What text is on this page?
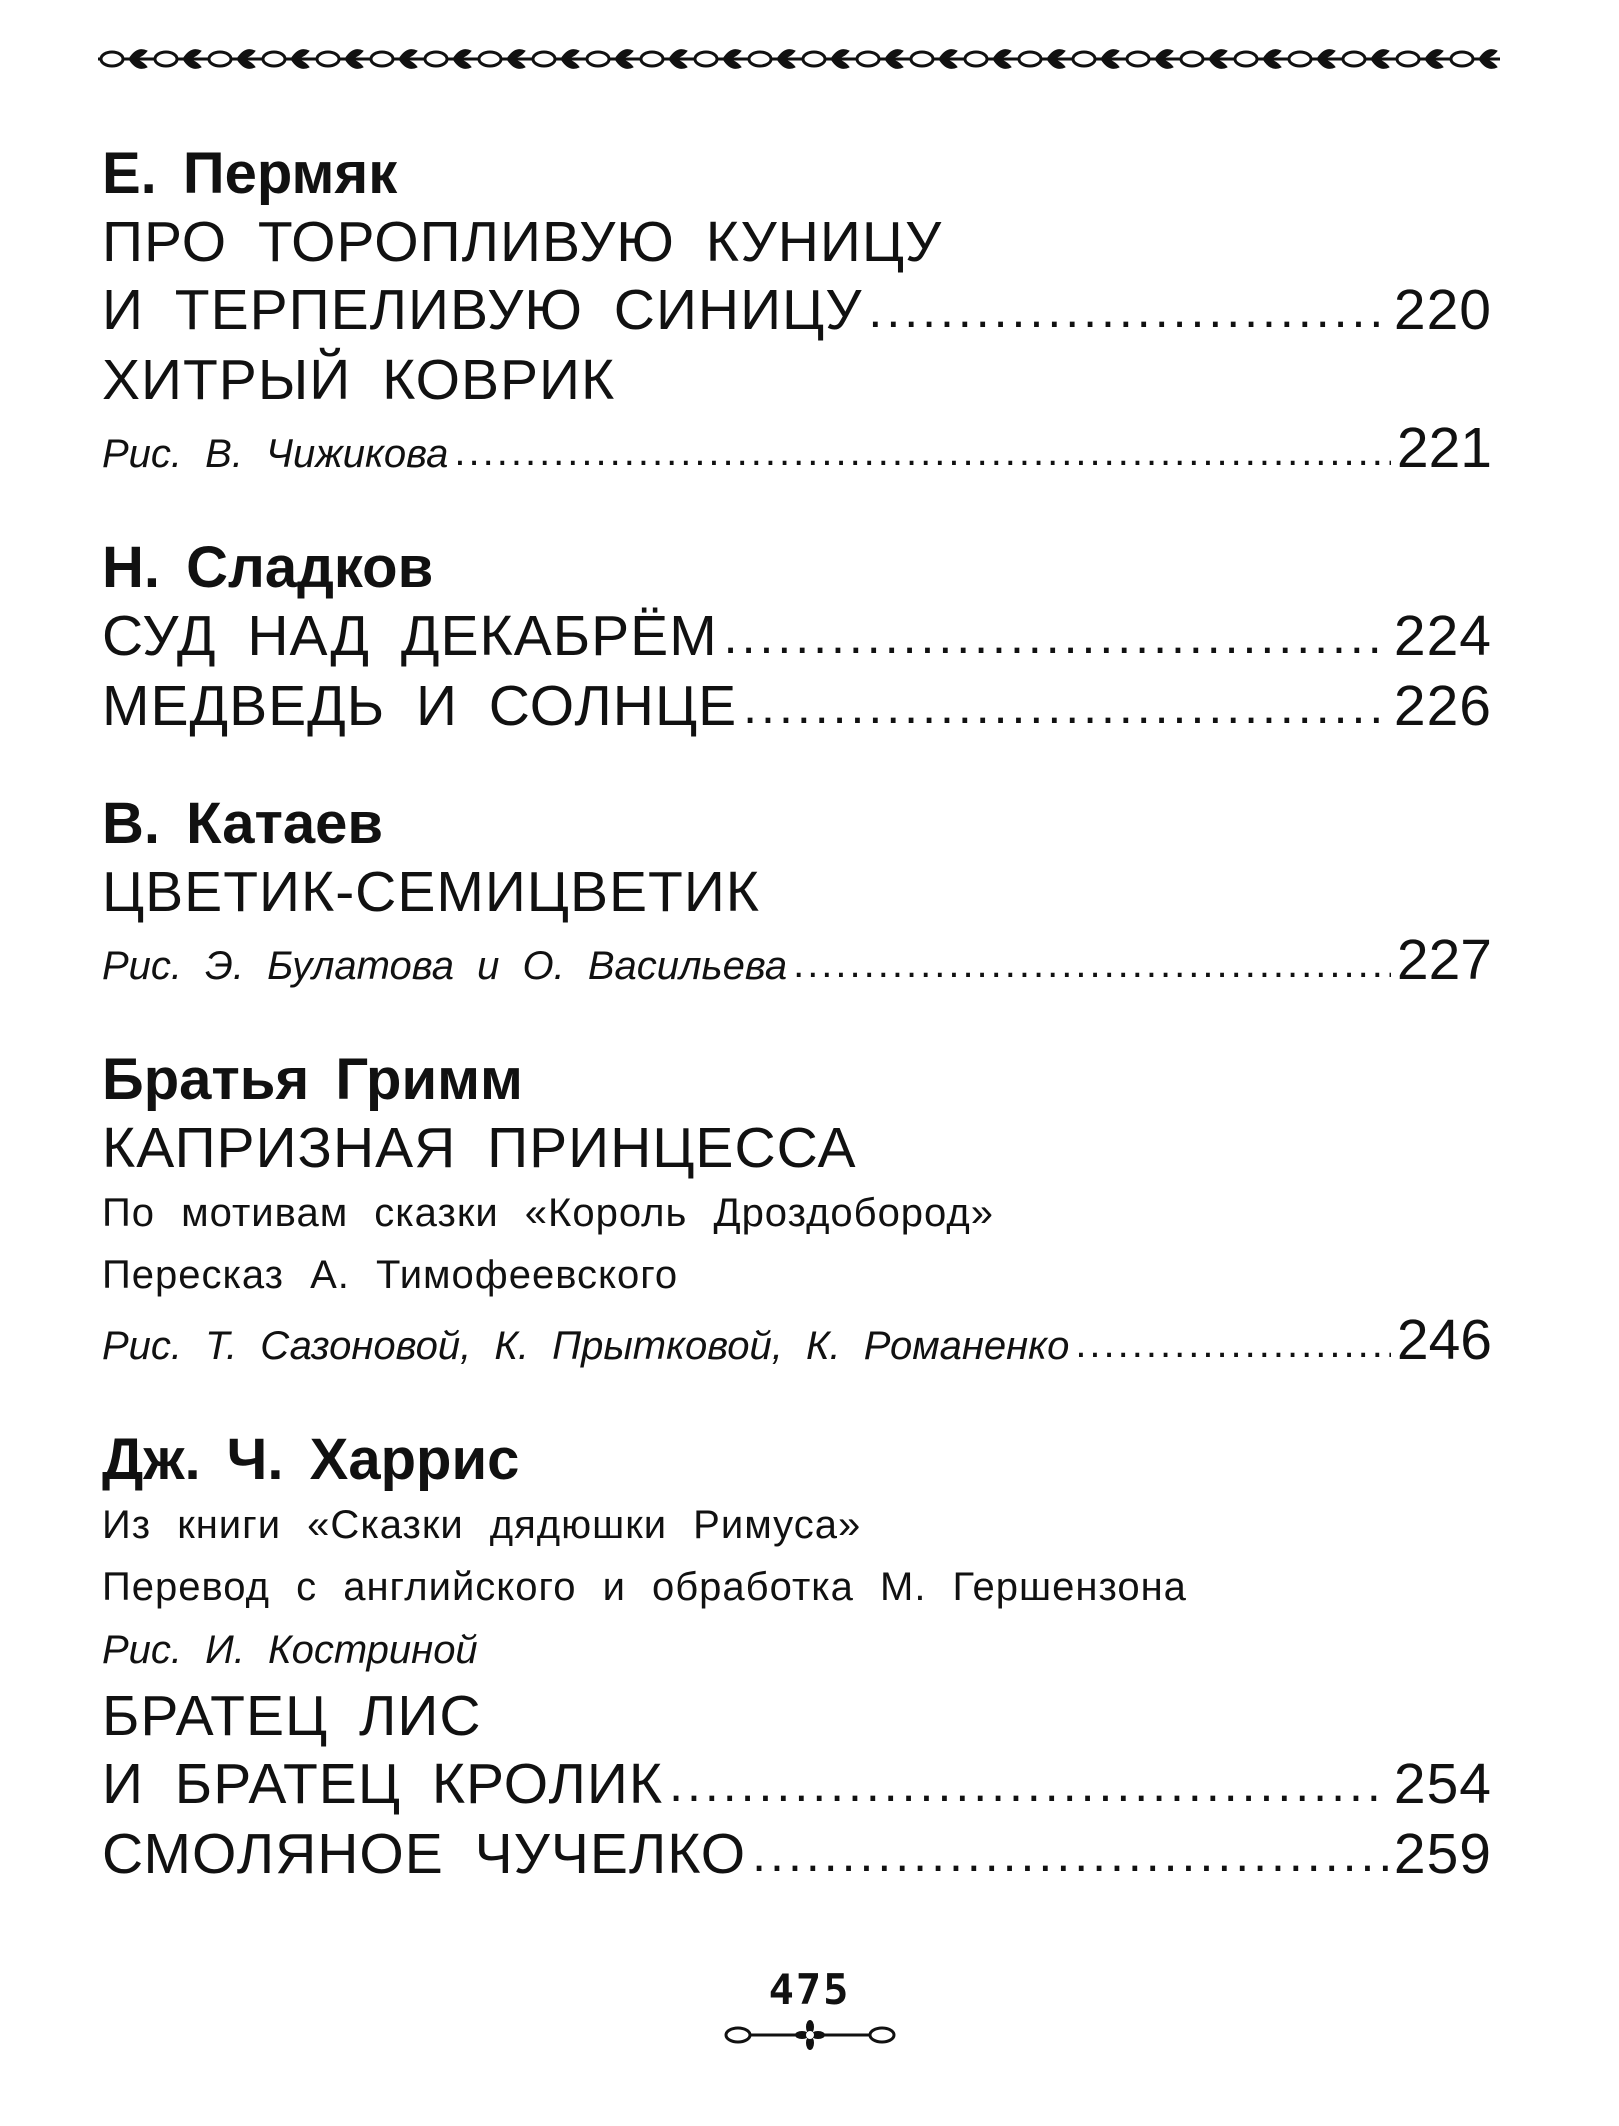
Е. Пермяк
ПРО ТОРОПЛИВУЮ КУНИЦУ
И ТЕРПЕЛИВУЮ СИНИЦУ .....	220
ХИТРЫЙ КОВРИК
Рис. В. Чижикова .....	221
Н. Сладков
СУД НАД ДЕКАБРЁМ .....	224
МЕДВЕДЬ И СОЛНЦЕ .....	226
В. Катаев
ЦВЕТИК-СЕМИЦВЕТИК
Рис. Э. Булатова и О. Васильева .....	227
Братья Гримм
КАПРИЗНАЯ ПРИНЦЕССА
По мотивам сказки «Король Дроздобород»
Пересказ А. Тимофеевского
Рис. Т. Сазоновой, К. Прытковой, К. Романенко .....	246
Дж. Ч. Харрис
Из книги «Сказки дядюшки Римуса»
Перевод с английского и обработка М. Гершензона
Рис. И. Костриной
БРАТЕЦ ЛИС
И БРАТЕЦ КРОЛИК .....	254
СМОЛЯНОЕ ЧУЧЕЛКО .....	259
475
